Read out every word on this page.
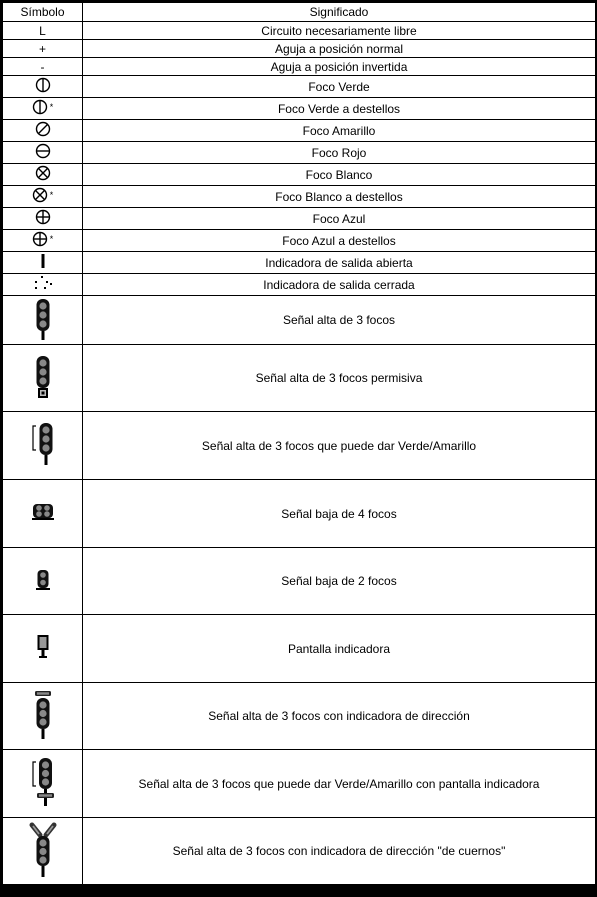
Símbolo	Significado
L	Circuito necesariamente libre
+	Aguja a posición normal
-	Aguja a posición invertida

	Foco Verde

*	Foco Verde a destellos

	Foco Amarillo

	Foco Rojo

	Foco Blanco

*	Foco Blanco a destellos

	Foco Azul

*	Foco Azul a destellos

	Indicadora de salida abierta

	Indicadora de salida cerrada

	Señal alta de 3 focos

	Señal alta de 3 focos permisiva

	Señal alta de 3 focos que puede dar Verde/Amarillo

	Señal baja de 4 focos

	Señal baja de 2 focos

	Pantalla indicadora

	Señal alta de 3 focos con indicadora de dirección

	Señal alta de 3 focos que puede dar Verde/Amarillo con pantalla indicadora

	Señal alta de 3 focos con indicadora de dirección "de cuernos"
